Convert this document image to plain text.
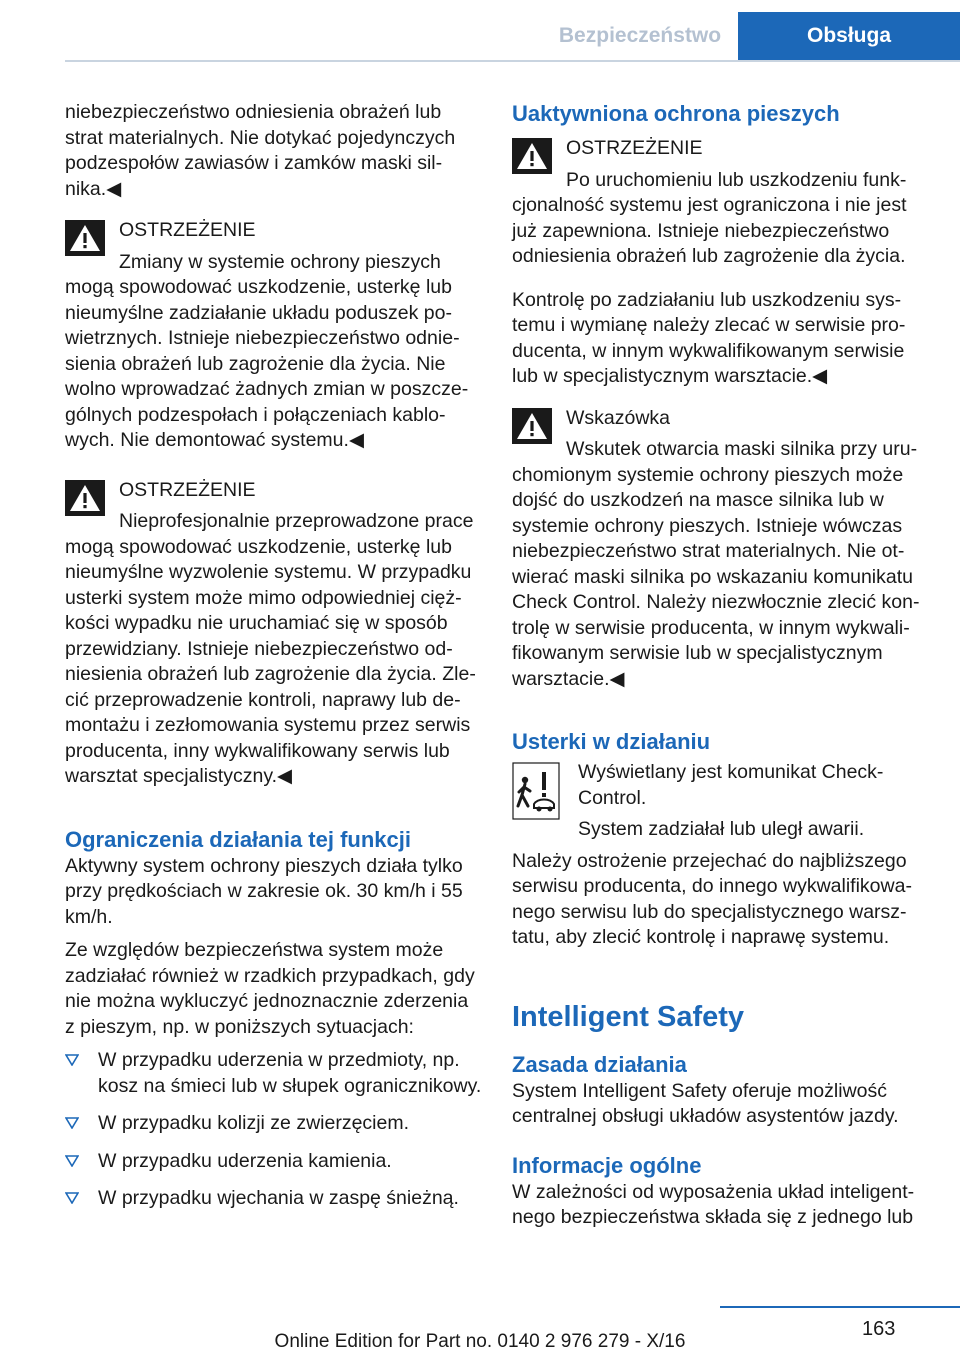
Bezpieczeństwo	Obsługa

niebezpieczeństwo odniesienia obrażeń lub strat materialnych. Nie dotykać pojedynczych podzespołów zawiasów i zamków maski silnika.◀

OSTRZEŻENIE

Zmiany w systemie ochrony pieszych mogą spowodować uszkodzenie, usterkę lub nieumyślne zadziałanie układu poduszek powietrznych. Istnieje niebezpieczeństwo odniesienia obrażeń lub zagrożenie dla życia. Nie wolno wprowadzać żadnych zmian w poszczególnych podzespołach i połączeniach kablowych. Nie demontować systemu.◀

OSTRZEŻENIE

Nieprofesjonalnie przeprowadzone prace mogą spowodować uszkodzenie, usterkę lub nieumyślne wyzwolenie systemu. W przypadku usterki system może mimo odpowiedniej ciężkości wypadku nie uruchamiać się w sposób przewidziany. Istnieje niebezpieczeństwo odniesienia obrażeń lub zagrożenie dla życia. Zlecić przeprowadzenie kontroli, naprawy lub demontażu i zezłomowania systemu przez serwis producenta, inny wykwalifikowany serwis lub warsztat specjalistyczny.◀

Ograniczenia działania tej funkcji

Aktywny system ochrony pieszych działa tylko przy prędkościach w zakresie ok. 30 km/h i 55 km/h.

Ze względów bezpieczeństwa system może zadziałać również w rzadkich przypadkach, gdy nie można wykluczyć jednoznacznie zderzenia z pieszym, np. w poniższych sytuacjach:

W przypadku uderzenia w przedmioty, np. kosz na śmieci lub w słupek ogranicznikowy.
W przypadku kolizji ze zwierzęciem.
W przypadku uderzenia kamienia.
W przypadku wjechania w zaspę śnieżną.
Uaktywniona ochrona pieszych
OSTRZEŻENIE

Po uruchomieniu lub uszkodzeniu funkcjonalność systemu jest ograniczona i nie jest już zapewniona. Istnieje niebezpieczeństwo odniesienia obrażeń lub zagrożenie dla życia.

Kontrolę po zadziałaniu lub uszkodzeniu systemu i wymianę należy zlecać w serwisie producenta, w innym wykwalifikowanym serwisie lub w specjalistycznym warsztacie.◀

Wskazówka

Wskutek otwarcia maski silnika przy uruchomionym systemie ochrony pieszych może dojść do uszkodzeń na masce silnika lub w systemie ochrony pieszych. Istnieje wówczas niebezpieczeństwo strat materialnych. Nie otwierać maski silnika po wskazaniu komunikatu Check Control. Należy niezwłocznie zlecić kontrolę w serwisie producenta, w innym wykwalifikowanym serwisie lub w specjalistycznym warsztacie.◀

Usterki w działaniu

Wyświetlany jest komunikat Check-Control.

System zadziałał lub uległ awarii.

Należy ostrożenie przejechać do najbliższego serwisu producenta, do innego wykwalifikowanego serwisu lub do specjalistycznego warsztatu, aby zlecić kontrolę i naprawę systemu.

Intelligent Safety
Zasada działania

System Intelligent Safety oferuje możliwość centralnej obsługi układów asystentów jazdy.

Informacje ogólne

W zależności od wyposażenia układ inteligentnego bezpieczeństwa składa się z jednego lub

163
Online Edition for Part no. 0140 2 976 279 - X/16
